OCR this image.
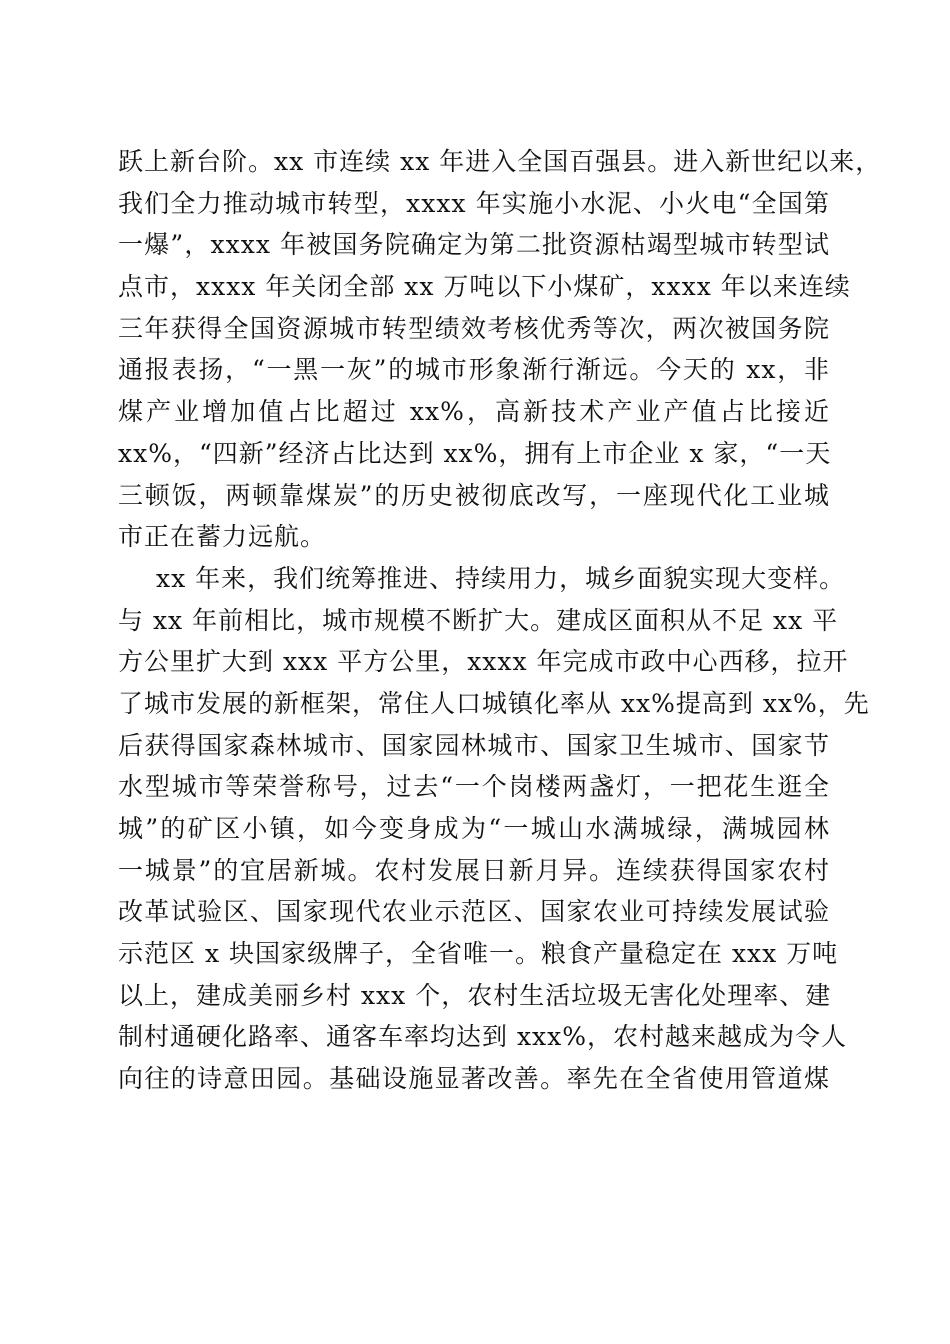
跃上新台阶。xx 市连续 xx 年进入全国百强县。进入新世纪以来，
我们全力推动城市转型，xxxx 年实施小水泥、小火电“全国第
一爆”，xxxx 年被国务院确定为第二批资源枯竭型城市转型试
点市，xxxx 年关闭全部 xx 万吨以下小煤矿，xxxx 年以来连续
三年获得全国资源城市转型绩效考核优秀等次，两次被国务院
通报表扬，“一黑一灰”的城市形象渐行渐远。今天的 xx，非
煤产业增加值占比超过 xx%，高新技术产业产值占比接近
xx%，“四新”经济占比达到 xx%，拥有上市企业 x 家，“一天
三顿饭，两顿靠煤炭”的历史被彻底改写，一座现代化工业城
市正在蓄力远航。
xx 年来，我们统筹推进、持续用力，城乡面貌实现大变样。
与 xx 年前相比，城市规模不断扩大。建成区面积从不足 xx 平
方公里扩大到 xxx 平方公里，xxxx 年完成市政中心西移，拉开
了城市发展的新框架，常住人口城镇化率从 xx%提高到 xx%，先
后获得国家森林城市、国家园林城市、国家卫生城市、国家节
水型城市等荣誉称号，过去“一个岗楼两盏灯，一把花生逛全
城”的矿区小镇，如今变身成为“一城山水满城绿，满城园林
一城景”的宜居新城。农村发展日新月异。连续获得国家农村
改革试验区、国家现代农业示范区、国家农业可持续发展试验
示范区 x 块国家级牌子，全省唯一。粮食产量稳定在 xxx 万吨
以上，建成美丽乡村 xxx 个，农村生活垃圾无害化处理率、建
制村通硬化路率、通客车率均达到 xxx%，农村越来越成为令人
向往的诗意田园。基础设施显著改善。率先在全省使用管道煤
